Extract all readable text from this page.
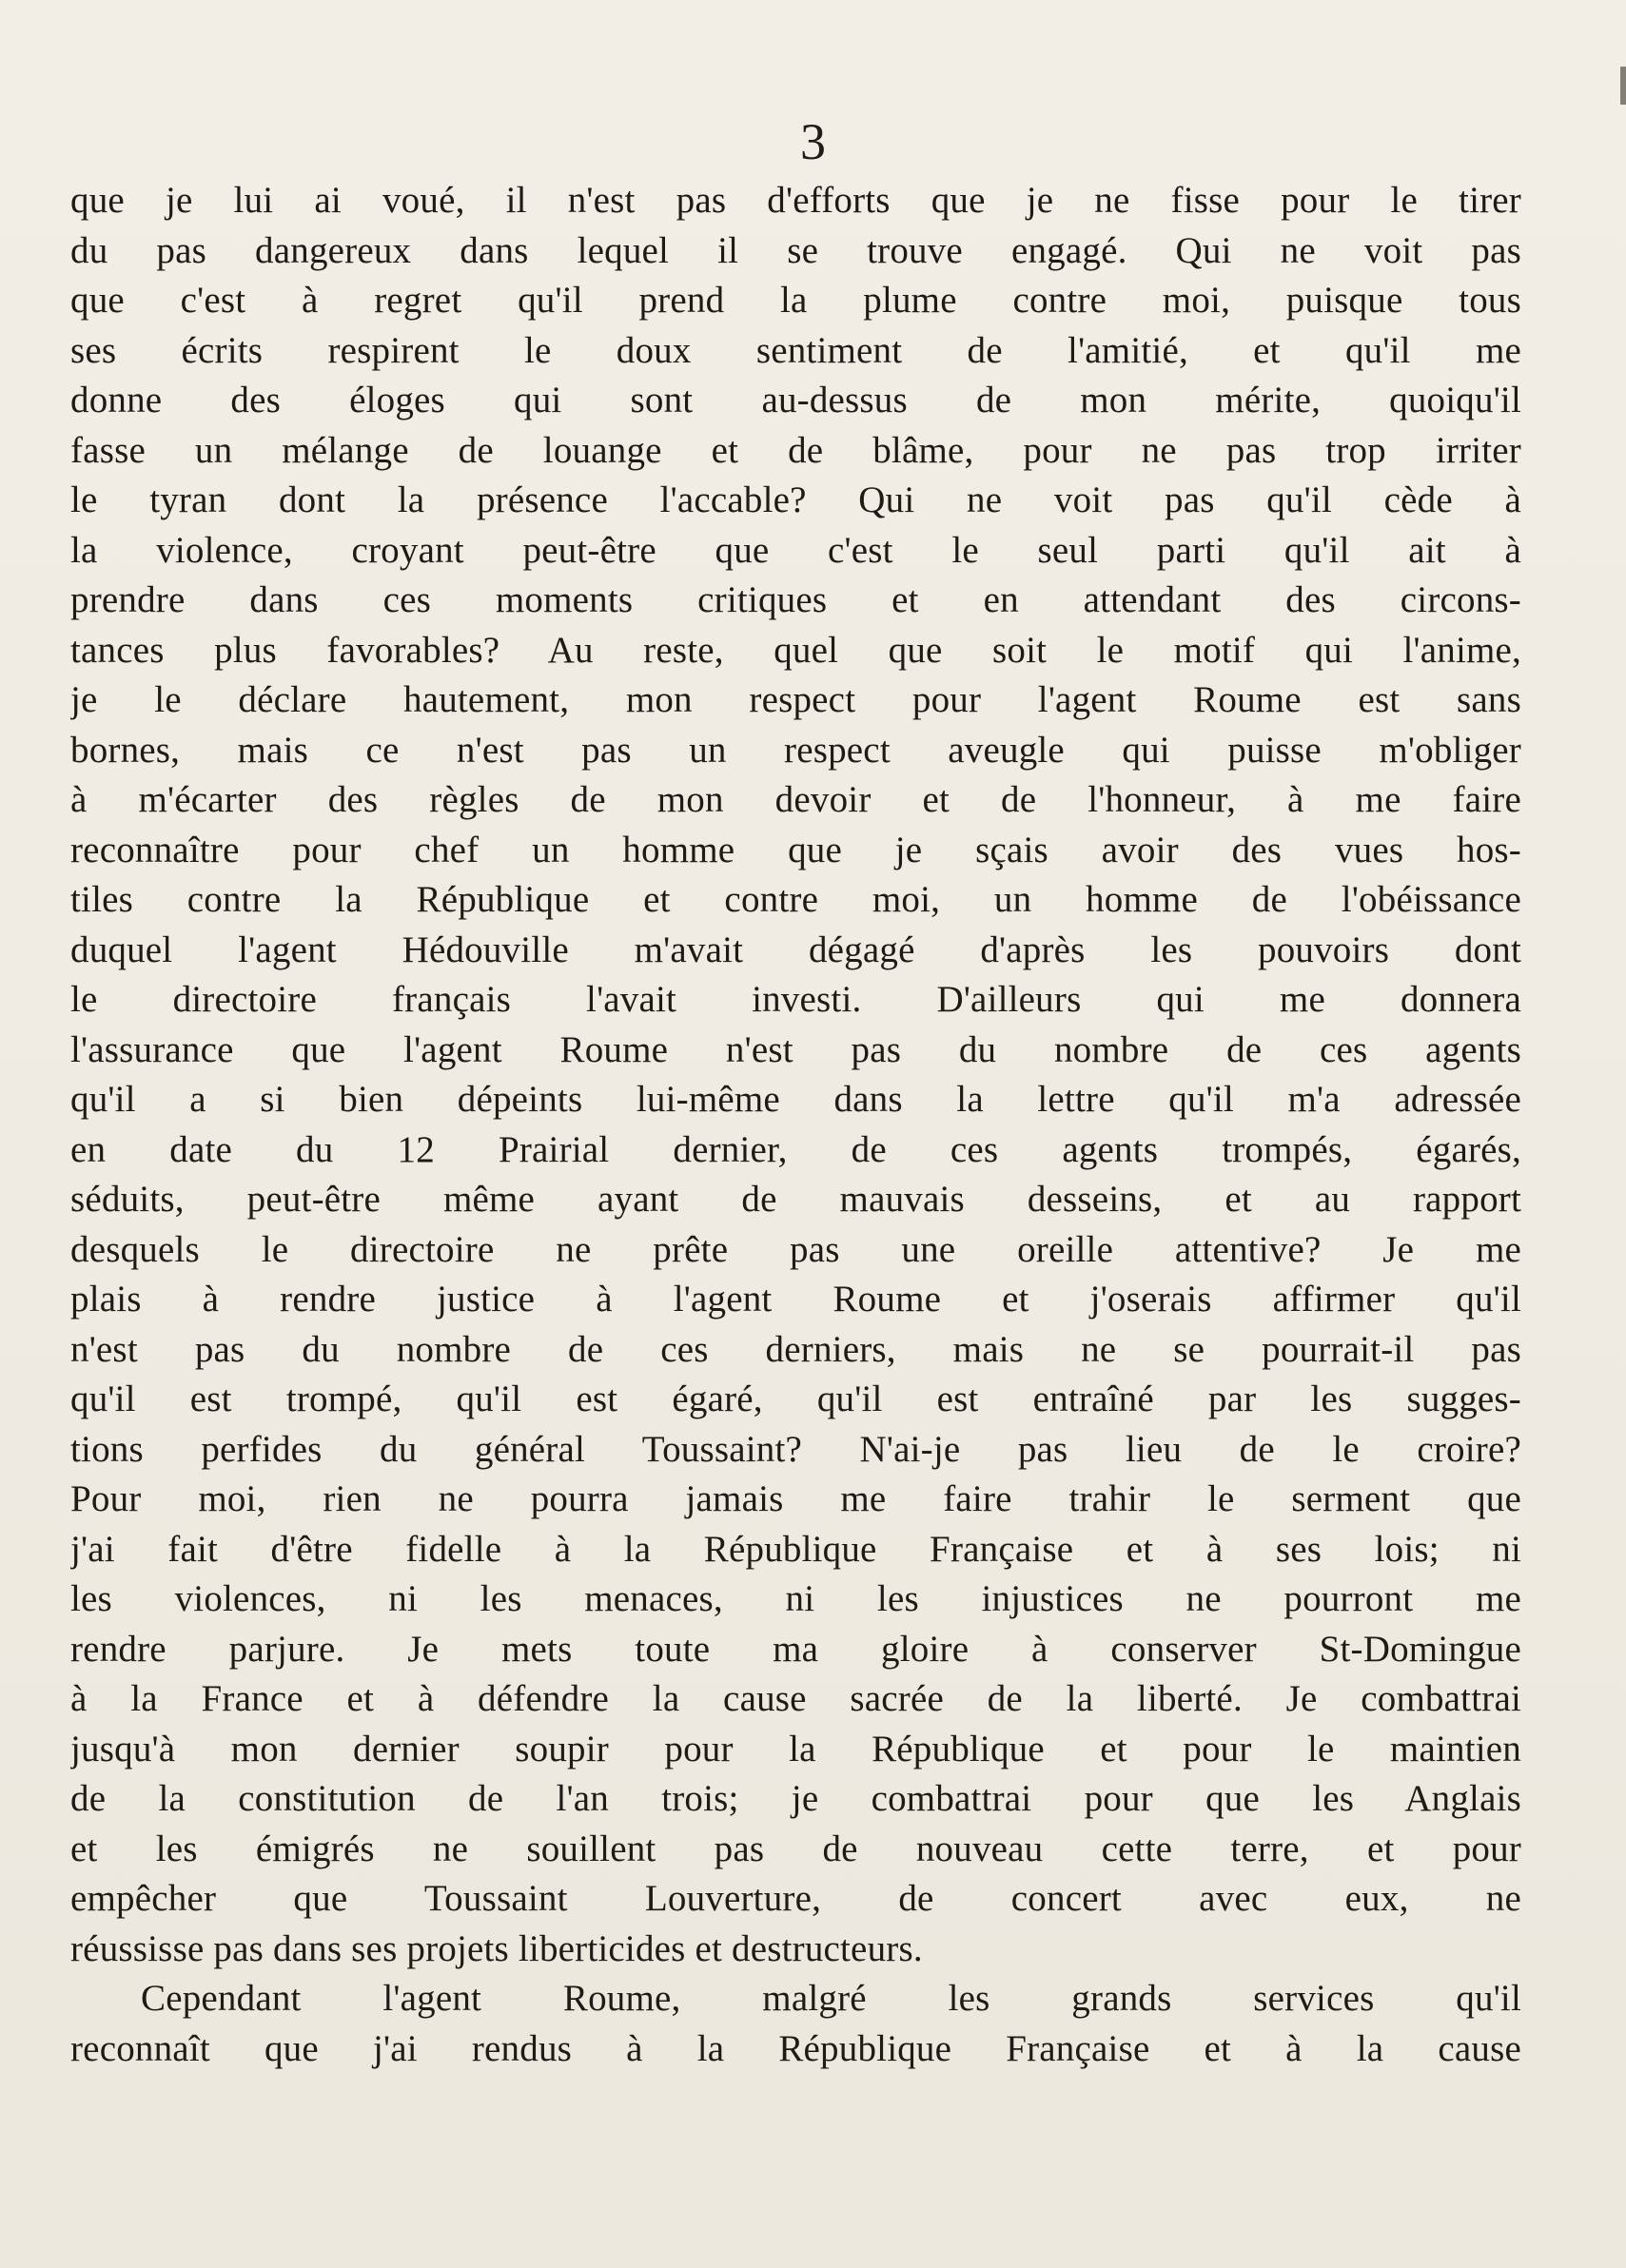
3
que je lui ai voué, il n'est pas d'efforts que je ne fisse pour le tirer
du pas dangereux dans lequel il se trouve engagé. Qui ne voit pas
que c'est à regret qu'il prend la plume contre moi, puisque tous
ses écrits respirent le doux sentiment de l'amitié, et qu'il me
donne des éloges qui sont au-dessus de mon mérite, quoiqu'il
fasse un mélange de louange et de blâme, pour ne pas trop irriter
le tyran dont la présence l'accable? Qui ne voit pas qu'il cède à
la violence, croyant peut-être que c'est le seul parti qu'il ait à
prendre dans ces moments critiques et en attendant des circons-
tances plus favorables? Au reste, quel que soit le motif qui l'anime,
je le déclare hautement, mon respect pour l'agent Roume est sans
bornes, mais ce n'est pas un respect aveugle qui puisse m'obliger
à m'écarter des règles de mon devoir et de l'honneur, à me faire
reconnaître pour chef un homme que je sçais avoir des vues hos-
tiles contre la République et contre moi, un homme de l'obéissance
duquel l'agent Hédouville m'avait dégagé d'après les pouvoirs dont
le directoire français l'avait investi. D'ailleurs qui me donnera
l'assurance que l'agent Roume n'est pas du nombre de ces agents
qu'il a si bien dépeints lui-même dans la lettre qu'il m'a adressée
en date du 12 Prairial dernier, de ces agents trompés, égarés,
séduits, peut-être même ayant de mauvais desseins, et au rapport
desquels le directoire ne prête pas une oreille attentive? Je me
plais à rendre justice à l'agent Roume et j'oserais affirmer qu'il
n'est pas du nombre de ces derniers, mais ne se pourrait-il pas
qu'il est trompé, qu'il est égaré, qu'il est entraîné par les sugges-
tions perfides du général Toussaint? N'ai-je pas lieu de le croire?
Pour moi, rien ne pourra jamais me faire trahir le serment que
j'ai fait d'être fidelle à la République Française et à ses lois; ni
les violences, ni les menaces, ni les injustices ne pourront me
rendre parjure. Je mets toute ma gloire à conserver St-Domingue
à la France et à défendre la cause sacrée de la liberté. Je combattrai
jusqu'à mon dernier soupir pour la République et pour le maintien
de la constitution de l'an trois; je combattrai pour que les Anglais
et les émigrés ne souillent pas de nouveau cette terre, et pour
empêcher que Toussaint Louverture, de concert avec eux, ne
réussisse pas dans ses projets liberticides et destructeurs.
Cependant l'agent Roume, malgré les grands services qu'il
reconnaît que j'ai rendus à la République Française et à la cause
